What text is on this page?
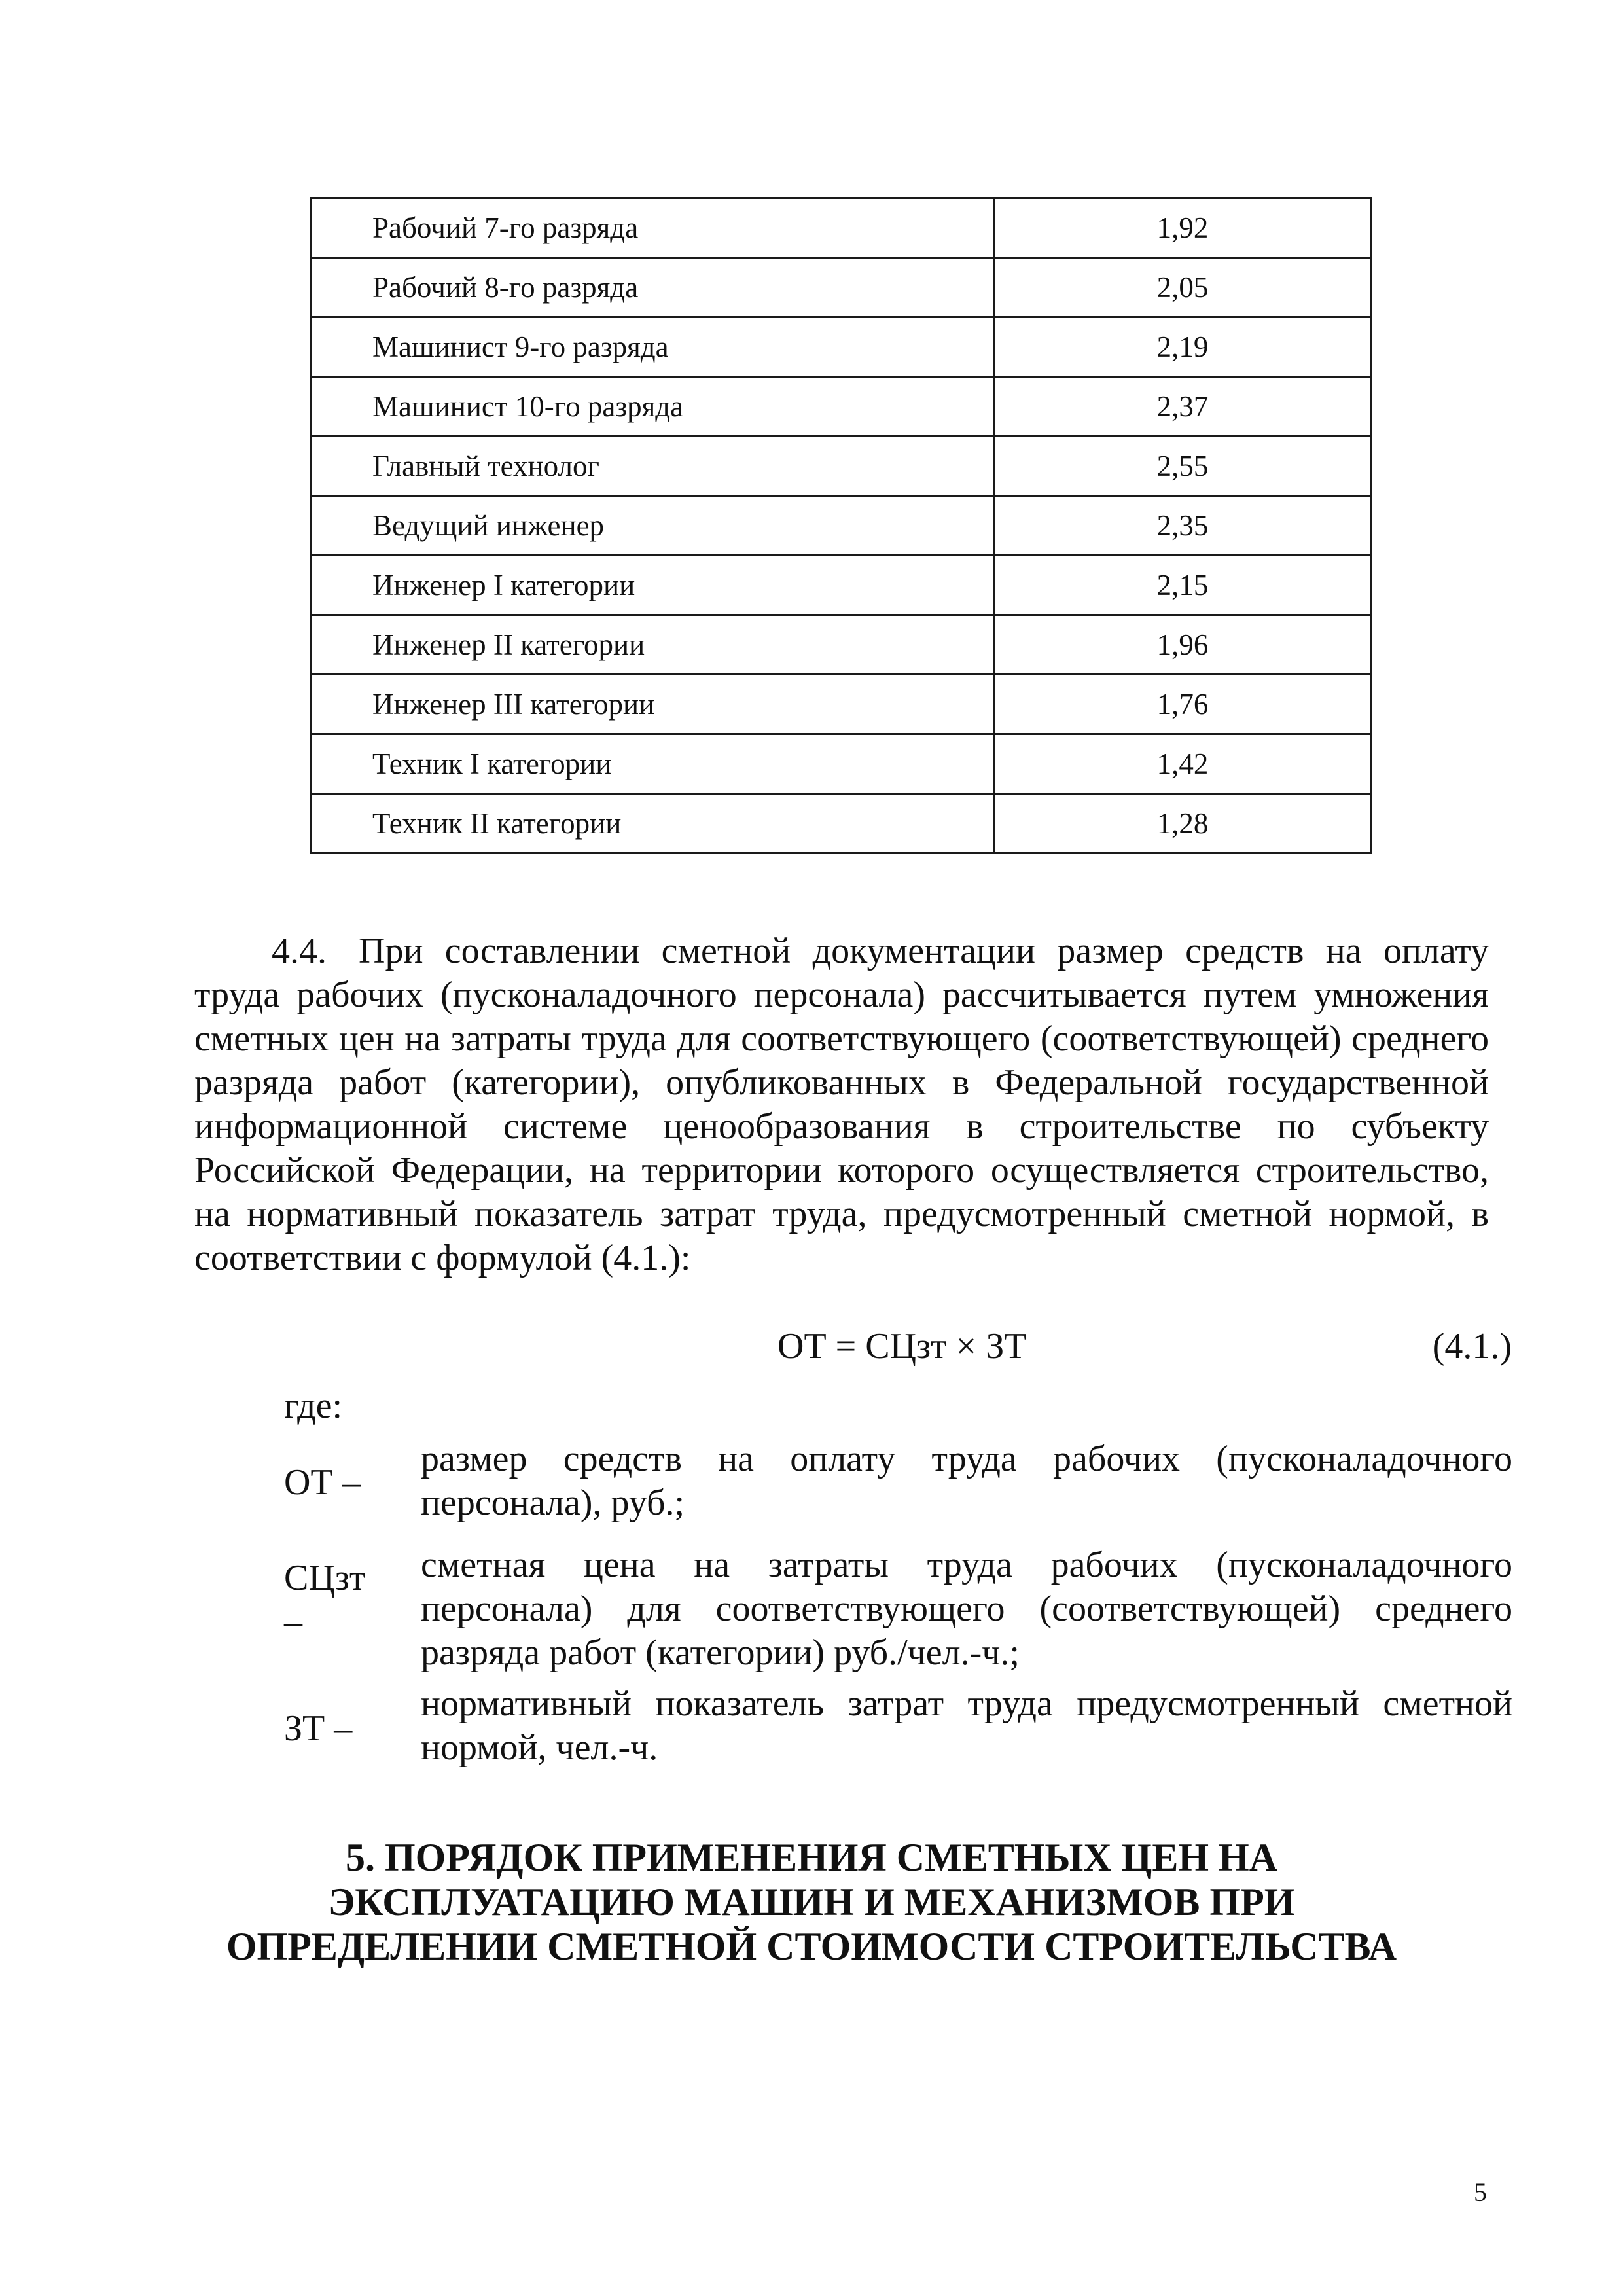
Рабочий 7-го разряда	1,92
Рабочий 8-го разряда	2,05
Машинист 9-го разряда	2,19
Машинист 10-го разряда	2,37
Главный технолог	2,55
Ведущий инженер	2,35
Инженер I категории	2,15
Инженер II категории	1,96
Инженер III категории	1,76
Техник I категории	1,42
Техник II категории	1,28

4.4. При составлении сметной документации размер средств на оплату труда рабочих (пусконаладочного персонала) рассчитывается путем умножения сметных цен на затраты труда для соответствующего (соответствующей) среднего разряда работ (категории), опубликованных в Федеральной государственной информационной системе ценообразования в строительстве по субъекту Российской Федерации, на территории которого осуществляется строительство, на нормативный показатель затрат труда, предусмотренный сметной нормой, в соответствии с формулой (4.1.):

ОТ = СЦзт × ЗТ	(4.1.)
где:
ОТ –

размер средств на оплату труда рабочих (пусконаладочного персонала), руб.;

СЦзт –

сметная цена на затраты труда рабочих (пусконаладочного персонала) для соответствующего (соответствующей) среднего разряда работ (категории) руб./чел.-ч.;

ЗТ –

нормативный показатель затрат труда предусмотренный сметной нормой, чел.-ч.

5. ПОРЯДОК ПРИМЕНЕНИЯ СМЕТНЫХ ЦЕН НА ЭКСПЛУАТАЦИЮ МАШИН И МЕХАНИЗМОВ ПРИ ОПРЕДЕЛЕНИИ СМЕТНОЙ СТОИМОСТИ СТРОИТЕЛЬСТВА
5
